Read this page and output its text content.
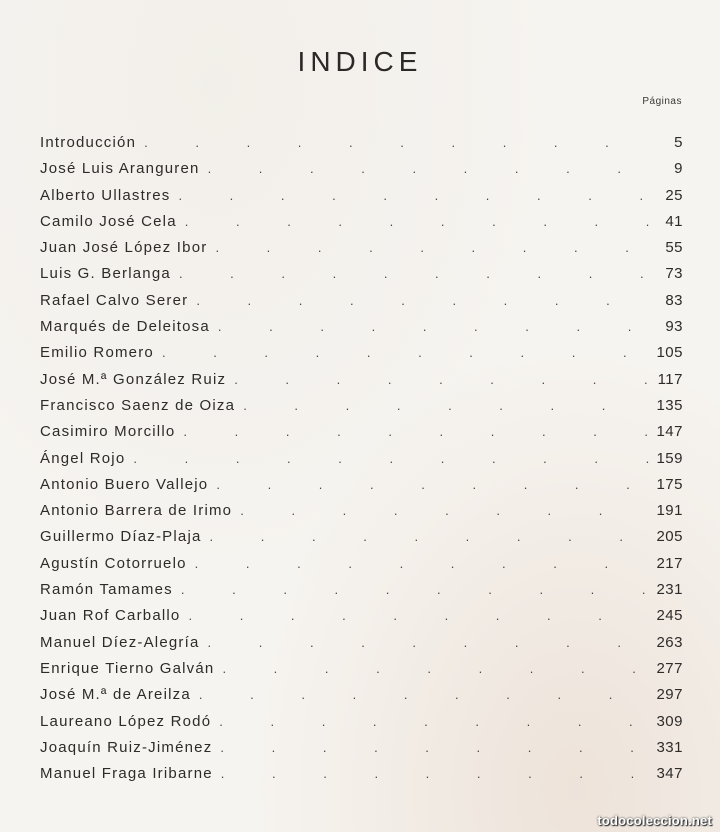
INDICE
Páginas
Introducción . . .	5
José Luis Aranguren . . .	9
Alberto Ullastres . . .	25
Camilo José Cela . . .	41
Juan José López Ibor . . .	55
Luis G. Berlanga . . .	73
Rafael Calvo Serer . . .	83
Marqués de Deleitosa . . .	93
Emilio Romero . . .	105
José M.ª González Ruiz . . .	117
Francisco Saenz de Oiza . . .	135
Casimiro Morcillo . . .	147
Ángel Rojo . . .	159
Antonio Buero Vallejo . . .	175
Antonio Barrera de Irimo . . .	191
Guillermo Díaz-Plaja . . .	205
Agustín Cotorruelo . . .	217
Ramón Tamames . . .	231
Juan Rof Carballo . . .	245
Manuel Díez-Alegría . . .	263
Enrique Tierno Galván . . .	277
José M.ª de Areilza . . .	297
Laureano López Rodó . . .	309
Joaquín Ruiz-Jiménez . . .	331
Manuel Fraga Iribarne . . .	347
todocoleccion.net
